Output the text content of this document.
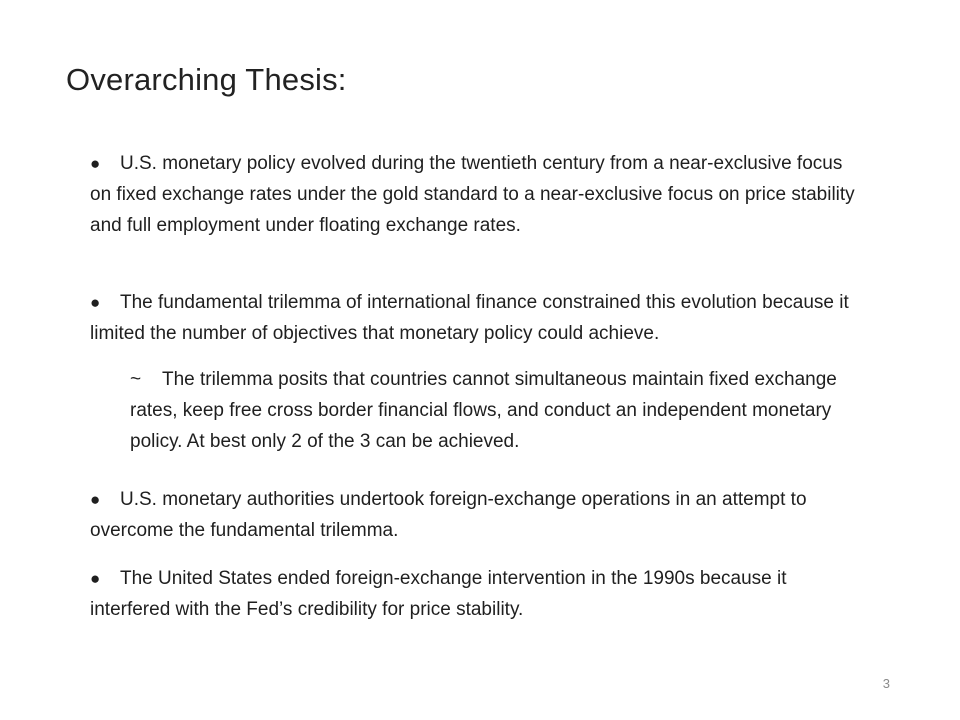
Overarching Thesis:

● U.S. monetary policy evolved during the twentieth century from a near-exclusive focus on fixed exchange rates under the gold standard to a near-exclusive focus on price stability and full employment under floating exchange rates.

● The fundamental trilemma of international finance constrained this evolution because it limited the number of objectives that monetary policy could achieve.

~ The trilemma posits that countries cannot simultaneous maintain fixed exchange rates, keep free cross border financial flows, and conduct an independent monetary policy. At best only 2 of the 3 can be achieved.

● U.S. monetary authorities undertook foreign-exchange operations in an attempt to overcome the fundamental trilemma.

● The United States ended foreign-exchange intervention in the 1990s because it interfered with the Fed’s credibility for price stability.

3
